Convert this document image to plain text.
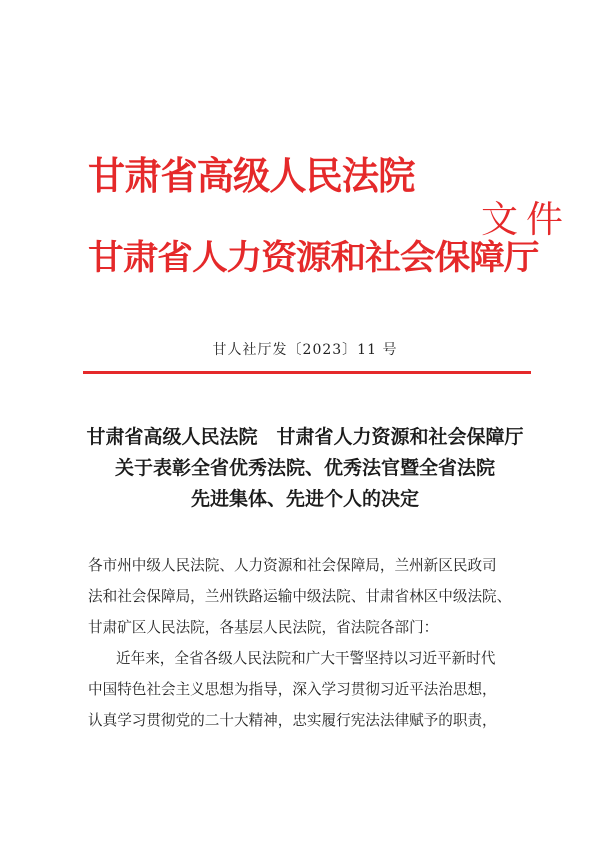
甘肃省高级人民法院
甘肃省人力资源和社会保障厅
文件
甘人社厅发〔2023〕11 号
甘肃省高级人民法院　甘肃省人力资源和社会保障厅
关于表彰全省优秀法院、优秀法官暨全省法院
先进集体、先进个人的决定
各市州中级人民法院、人力资源和社会保障局，兰州新区民政司
法和社会保障局，兰州铁路运输中级法院、甘肃省林区中级法院、
甘肃矿区人民法院，各基层人民法院，省法院各部门：
近年来，全省各级人民法院和广大干警坚持以习近平新时代
中国特色社会主义思想为指导，深入学习贯彻习近平法治思想，
认真学习贯彻党的二十大精神，忠实履行宪法法律赋予的职责，
